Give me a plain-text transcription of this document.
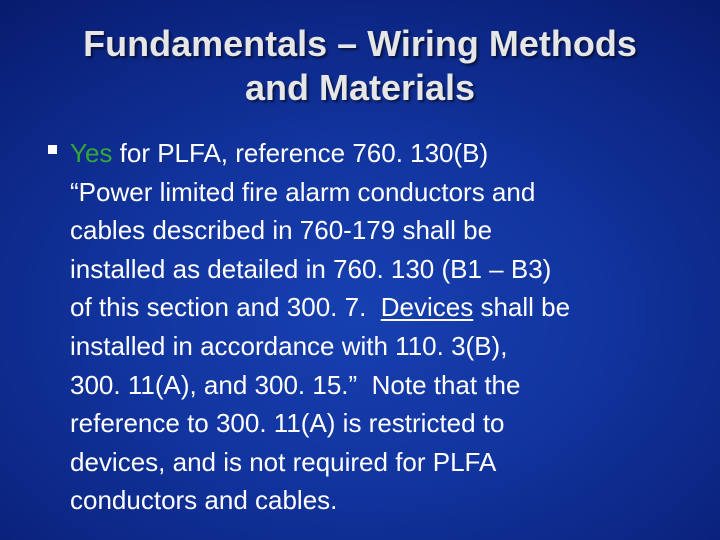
Fundamentals – Wiring Methods
and Materials
Yes for PLFA, reference 760. 130(B)
“Power limited fire alarm conductors and
cables described in 760-179 shall be
installed as detailed in 760. 130 (B1 – B3)
of this section and 300. 7.  Devices shall be
installed in accordance with 110. 3(B),
300. 11(A), and 300. 15.”  Note that the
reference to 300. 11(A) is restricted to
devices, and is not required for PLFA
conductors and cables.
